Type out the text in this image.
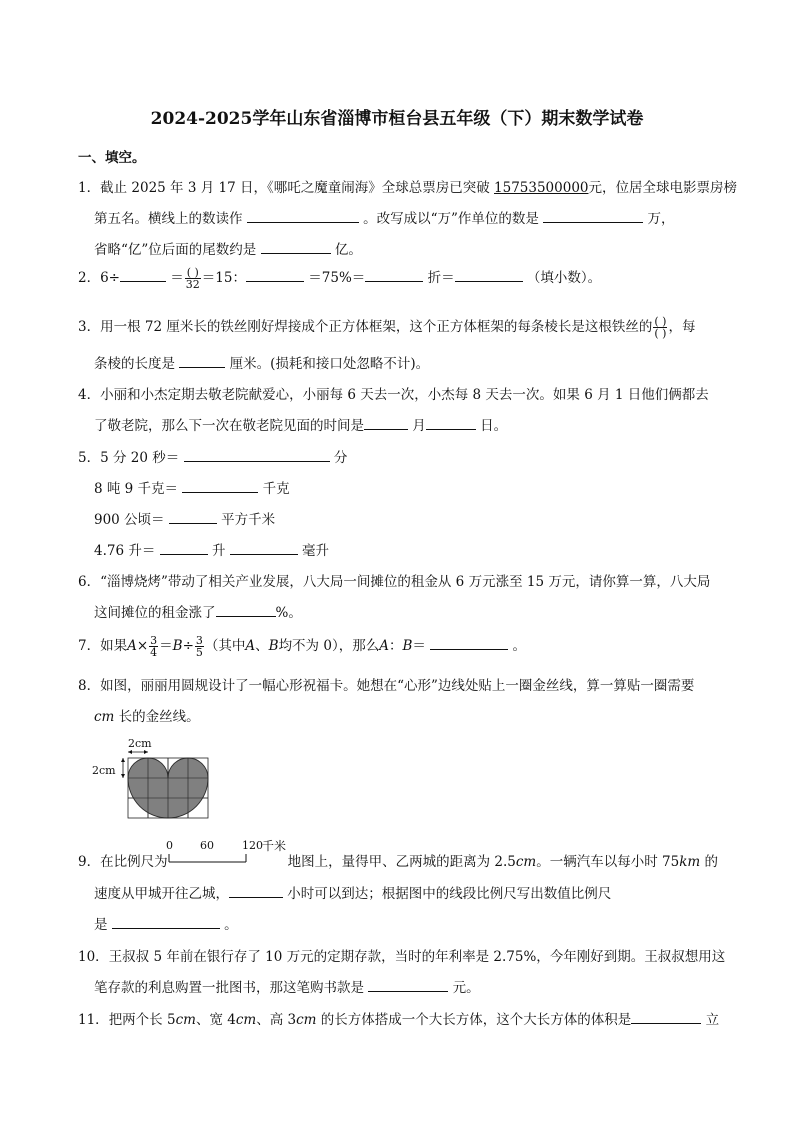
2024-2025学年山东省淄博市桓台县五年级（下）期末数学试卷
一、填空。
1．截止 2025 年 3 月 17 日，《哪吒之魔童闹海》全球总票房已突破 15753500000元，位居全球电影票房榜
第五名。横线上的数读作	。改写成以“万”作单位的数是	万，
省略“亿”位后面的尾数约是	亿。
2．6÷	＝ $\frac{( )}{32} =15$：	＝75%＝	折＝	（填小数）。
3．用一根 72 厘米长的铁丝刚好焊接成个正方体框架，这个正方体框架的每条棱长是这根铁丝的 $\frac{( )}{( )}$ ，每
条棱的长度是	厘米。(损耗和接口处忽略不计)。
4．小丽和小杰定期去敬老院献爱心，小丽每 6 天去一次，小杰每 8 天去一次。如果 6 月 1 日他们俩都去
了敬老院，那么下一次在敬老院见面的时间是	月	日。
5．5 分 20 秒＝	分
8 吨 9 千克＝	千克
900 公顷＝	平方千米
4.76 升＝	升	毫升
6．“淄博烧烤”带动了相关产业发展，八大局一间摊位的租金从 6 万元涨至 15 万元，请你算一算，八大局
这间摊位的租金涨了	%。
7．如果$A\times \frac{3}{4} =B\div \frac{3}{5}$ （其中A、B均不为 0），那么A：B＝	。
8．如图，丽丽用圆规设计了一幅心形祝福卡。她想在“心形”边线处贴上一圈金丝线，算一算贴一圈需要
cm 长的金丝线。
2cm
2cm
9．在比例尺为	地图上，量得甲、乙两城的距离为 2.5cm。一辆汽车以每小时 75km 的
0 60	120 千米
速度从甲城开往乙城，	小时可以到达；根据图中的线段比例尺写出数值比例尺
是	。
10．王叔叔 5 年前在银行存了 10 万元的定期存款，当时的年利率是 2.75%，今年刚好到期。王叔叔想用这
笔存款的利息购置一批图书，那这笔购书款是	元。
11．把两个长 5cm、宽 4cm、高 3cm 的长方体搭成一个大长方体，这个大长方体的体积是	立
